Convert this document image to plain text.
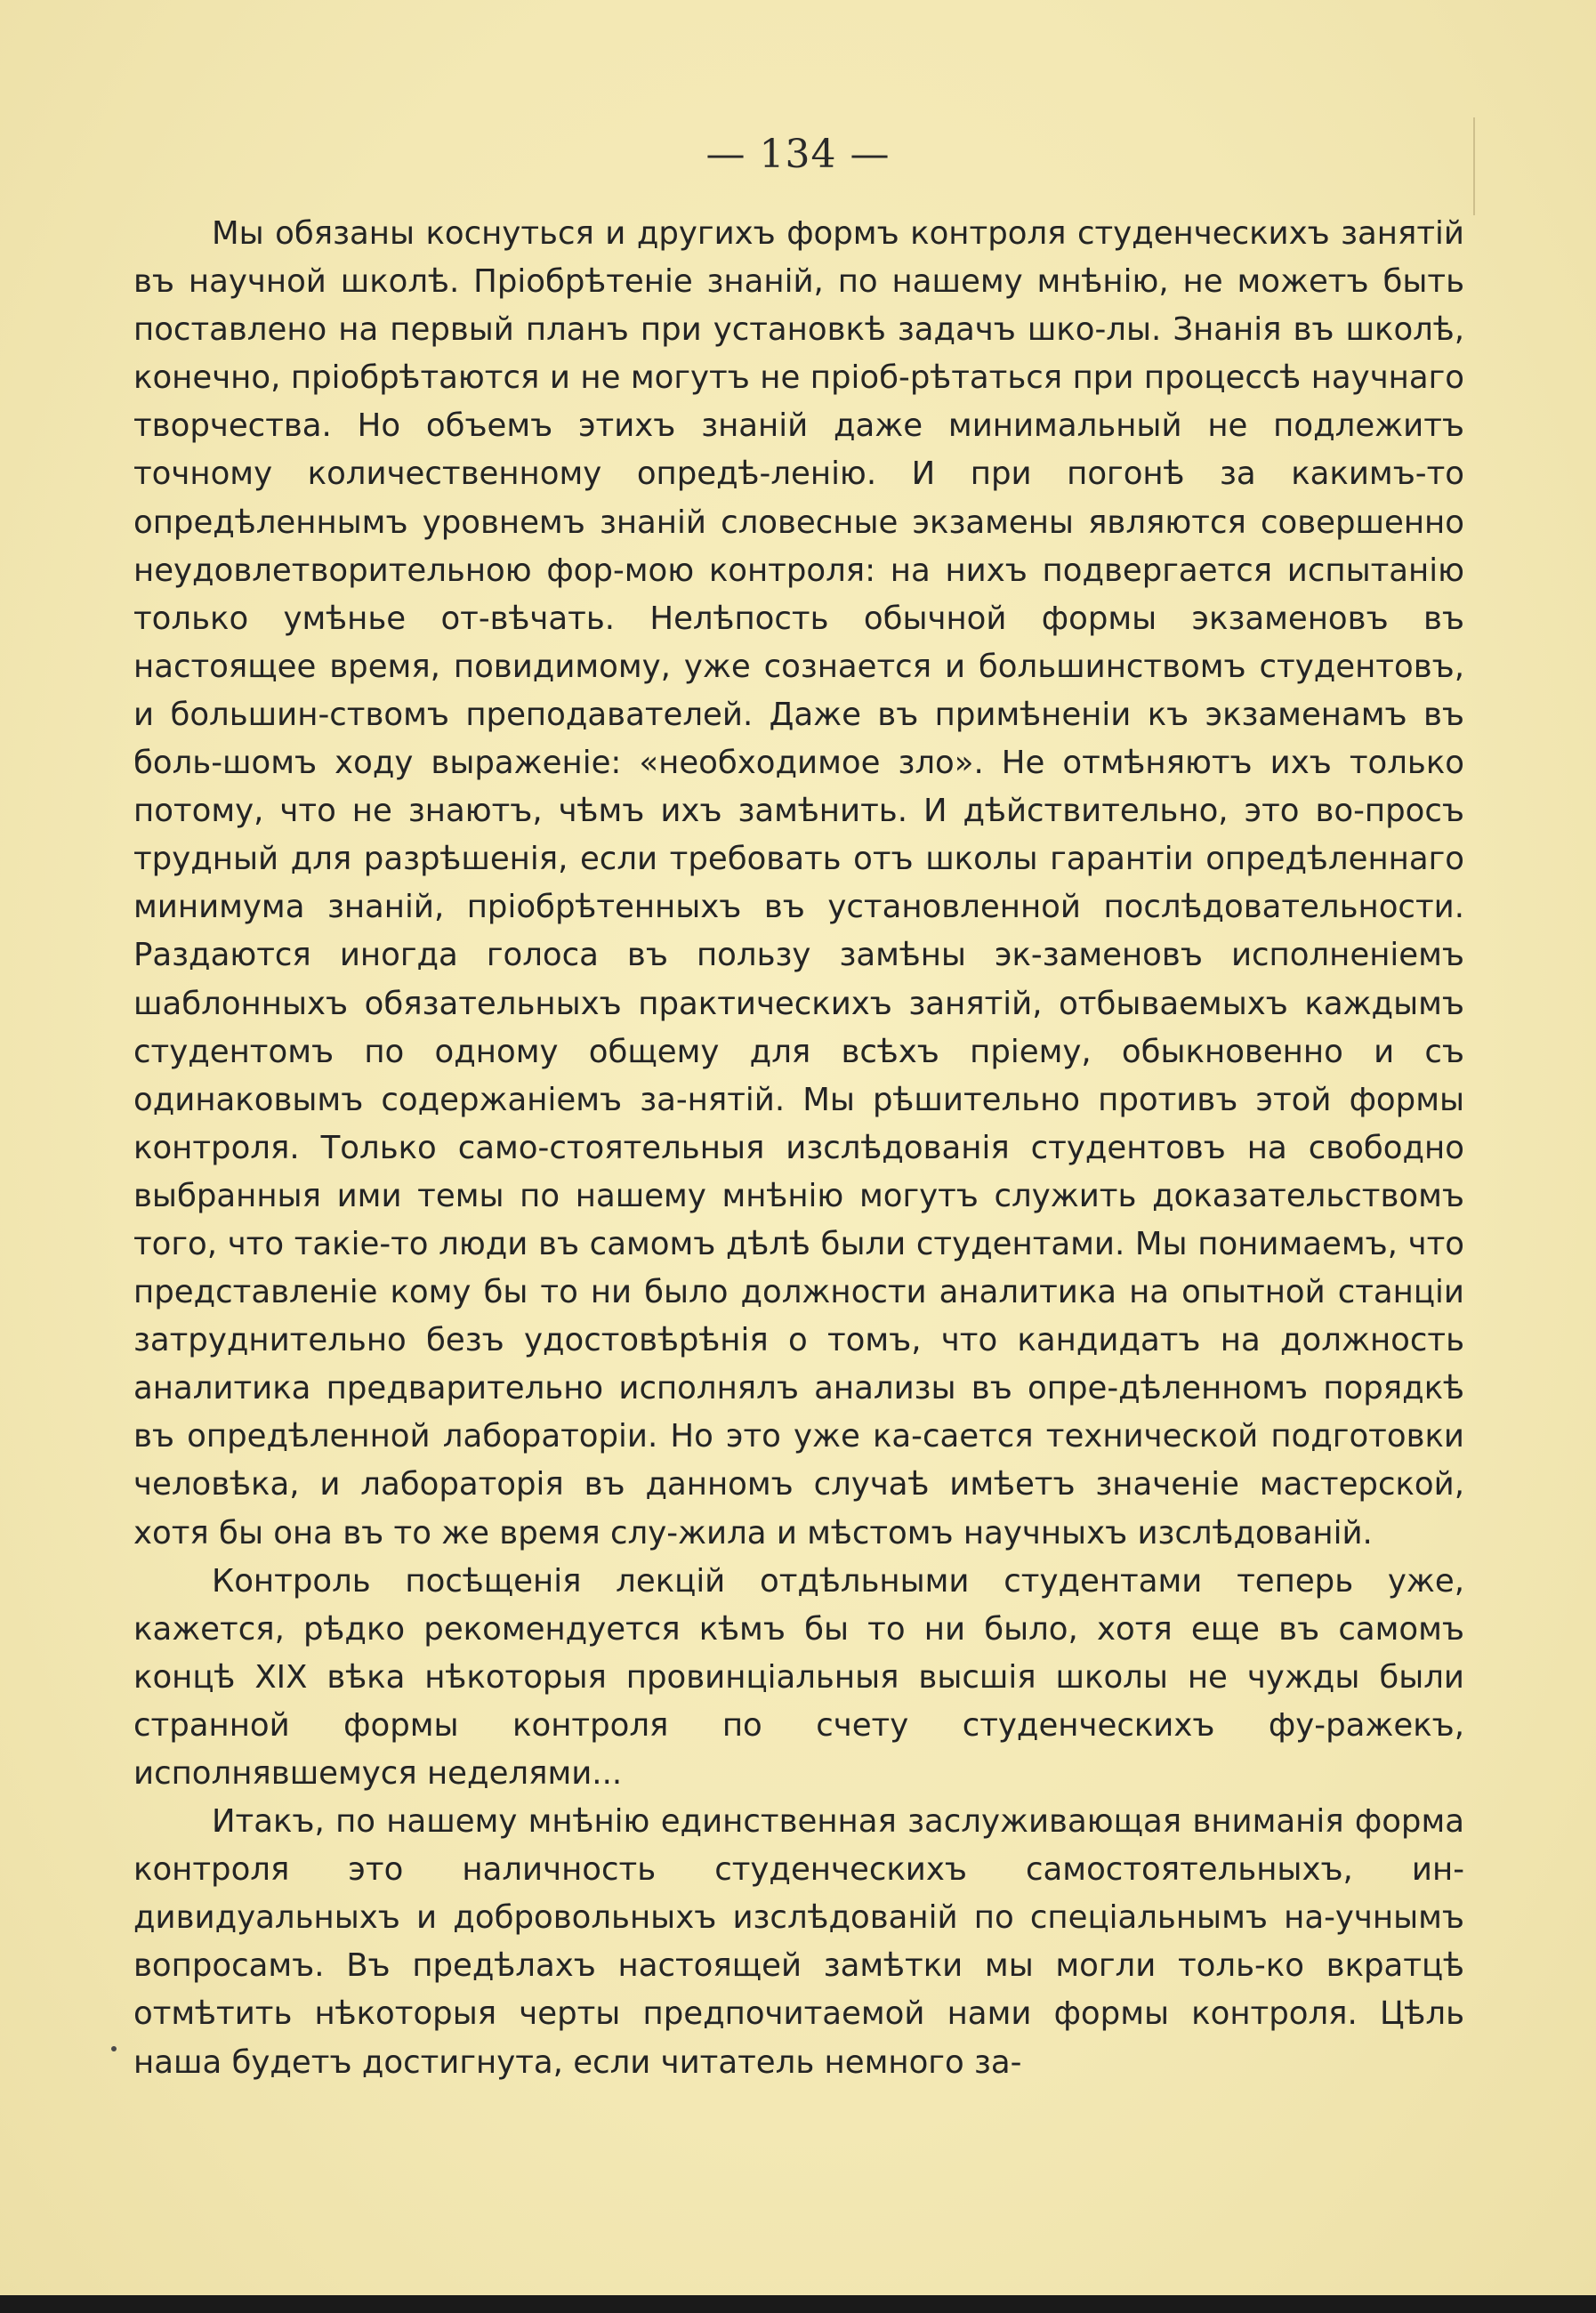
— 134 —

Мы обязаны коснуться и другихъ формъ контроля студенческихъ занятій въ научной школѣ. Пріобрѣтеніе знаній, по нашему мнѣнію, не можетъ быть поставлено на первый планъ при установкѣ задачъ шко-лы. Знанія въ школѣ, конечно, пріобрѣтаются и не могутъ не пріоб-рѣтаться при процессѣ научнаго творчества. Но объемъ этихъ знаній даже минимальный не подлежитъ точному количественному опредѣ-ленію. И при погонѣ за какимъ-то опредѣленнымъ уровнемъ знаній словесные экзамены являются совершенно неудовлетворительною фор-мою контроля: на нихъ подвергается испытанію только умѣнье от-вѣчать. Нелѣпость обычной формы экзаменовъ въ настоящее время, повидимому, уже сознается и большинствомъ студентовъ, и большин-ствомъ преподавателей. Даже въ примѣненіи къ экзаменамъ въ боль-шомъ ходу выраженіе: «необходимое зло». Не отмѣняютъ ихъ только потому, что не знаютъ, чѣмъ ихъ замѣнить. И дѣйствительно, это во-просъ трудный для разрѣшенія, если требовать отъ школы гарантіи опредѣленнаго минимума знаній, пріобрѣтенныхъ въ установленной послѣдовательности. Раздаются иногда голоса въ пользу замѣны эк-заменовъ исполненіемъ шаблонныхъ обязательныхъ практическихъ занятій, отбываемыхъ каждымъ студентомъ по одному общему для всѣхъ пріему, обыкновенно и съ одинаковымъ содержаніемъ за-нятій. Мы рѣшительно противъ этой формы контроля. Только само-стоятельныя изслѣдованія студентовъ на свободно выбранныя ими темы по нашему мнѣнію могутъ служить доказательствомъ того, что такіе-то люди въ самомъ дѣлѣ были студентами. Мы понимаемъ, что представленіе кому бы то ни было должности аналитика на опытной станціи затруднительно безъ удостовѣрѣнія о томъ, что кандидатъ на должность аналитика предварительно исполнялъ анализы въ опре-дѣленномъ порядкѣ въ опредѣленной лабораторіи. Но это уже ка-сается технической подготовки человѣка, и лабораторія въ данномъ случаѣ имѣетъ значеніе мастерской, хотя бы она въ то же время слу-жила и мѣстомъ научныхъ изслѣдованій.

Контроль посѣщенія лекцій отдѣльными студентами теперь уже, кажется, рѣдко рекомендуется кѣмъ бы то ни было, хотя еще въ самомъ концѣ XIX вѣка нѣкоторыя провинціальныя высшія школы не чужды были странной формы контроля по счету студенческихъ фу-ражекъ, исполнявшемуся неделями...

Итакъ, по нашему мнѣнію единственная заслуживающая вниманія форма контроля это наличность студенческихъ самостоятельныхъ, ин-дивидуальныхъ и добровольныхъ изслѣдованій по спеціальнымъ на-учнымъ вопросамъ. Въ предѣлахъ настоящей замѣтки мы могли толь-ко вкратцѣ отмѣтить нѣкоторыя черты предпочитаемой нами формы контроля. Цѣль наша будетъ достигнута, если читатель немного за-
